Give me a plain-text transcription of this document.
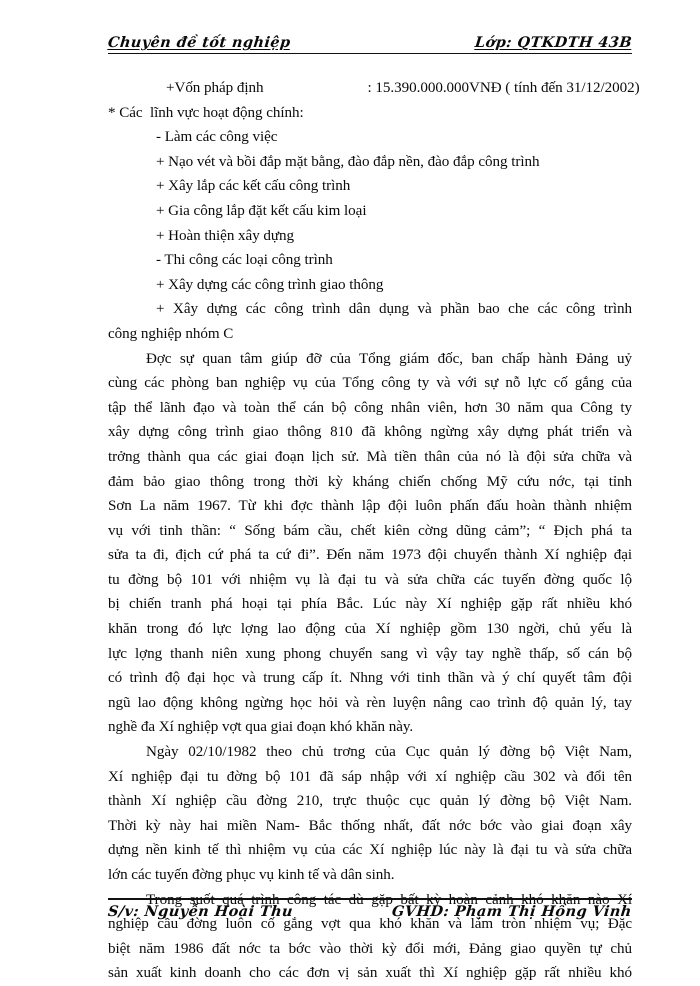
Chuyên đề tốt nghiệp	Lớp: QTKDTH 43B
+Vốn pháp định	: 15.390.000.000VNĐ ( tính đến 31/12/2002)
* Các  lĩnh vực hoạt động chính:
- Làm các công việc
+ Nạo vét và bồi đắp mặt bằng, đào đắp nền, đào đắp công trình
+ Xây lắp các kết cấu công trình
+ Gia công lắp đặt kết cấu kim loại
+ Hoàn thiện xây dựng
- Thi công các loại công trình
+ Xây dựng các công trình giao thông
+ Xây dựng các công trình dân dụng và phần bao che các công trình
công nghiệp nhóm C
Đợc sự quan tâm giúp đỡ của Tổng giám đốc, ban chấp hành Đảng uỷ
cùng các phòng ban nghiệp vụ của Tổng công ty và với sự nỗ lực cố gắng của
tập thể lãnh đạo và toàn thể cán bộ công nhân viên, hơn 30 năm qua Công ty
xây dựng công trình giao thông 810 đã không ngừng xây dựng phát triển và
trởng thành qua các giai đoạn lịch sử. Mà tiền thân của nó là đội sửa chữa và
đảm bảo giao thông trong thời kỳ kháng chiến chống Mỹ cứu nớc, tại tỉnh
Sơn La năm 1967. Từ khi đợc thành lập đội luôn phấn đấu hoàn thành nhiệm
vụ với tinh thần: “ Sống bám cầu, chết kiên cờng dũng cảm”; “ Địch phá ta
sửa ta đi, địch cứ phá ta cứ đi”. Đến năm 1973 đội chuyển thành Xí nghiệp đại
tu đờng bộ 101 với nhiệm vụ là đại tu và sửa chữa các tuyến đờng quốc lộ
bị chiến tranh phá hoại tại phía Bắc. Lúc này Xí nghiệp gặp rất nhiều khó
khăn trong đó lực lợng lao động của Xí nghiệp gồm 130 ngời, chủ yếu là
lực lợng thanh niên xung phong chuyển sang vì vậy tay nghề thấp, số cán bộ
có trình độ đại học và trung cấp ít. Nhng với tinh thần và ý chí quyết tâm đội
ngũ lao động không ngừng học hỏi và rèn luyện nâng cao trình độ quản lý, tay
nghề đa Xí nghiệp vợt qua giai đoạn khó khăn này.
Ngày 02/10/1982 theo chủ trơng của Cục quản lý đờng bộ Việt Nam,
Xí nghiệp đại tu đờng bộ 101 đã sáp nhập với xí nghiệp cầu 302 và đổi tên
thành Xí nghiệp cầu đờng 210, trực thuộc cục quản lý đờng bộ Việt Nam.
Thời kỳ này hai miền Nam- Bắc thống nhất, đất nớc bớc vào giai đoạn xây
dựng nền kinh tế thì nhiệm vụ của các Xí nghiệp lúc này là đại tu và sửa chữa
lớn các tuyến đờng phục vụ kinh tế và dân sinh.
Trong suốt quá trình công tác dù gặp bất kỳ hoàn cảnh khó khăn nào Xí
nghiệp cầu đờng luôn cố gắng vợt qua khó khăn và làm tròn nhiệm vụ; Đặc
biệt năm 1986 đất nớc ta bớc vào thời kỳ đổi mới, Đảng giao quyền tự chủ
sản xuất kinh doanh cho các đơn vị sản xuất thì Xí nghiệp gặp rất nhiều khó
S/v: Nguyễn Hoài Thu	GVHD: Phạm Thị Hồng Vinh
